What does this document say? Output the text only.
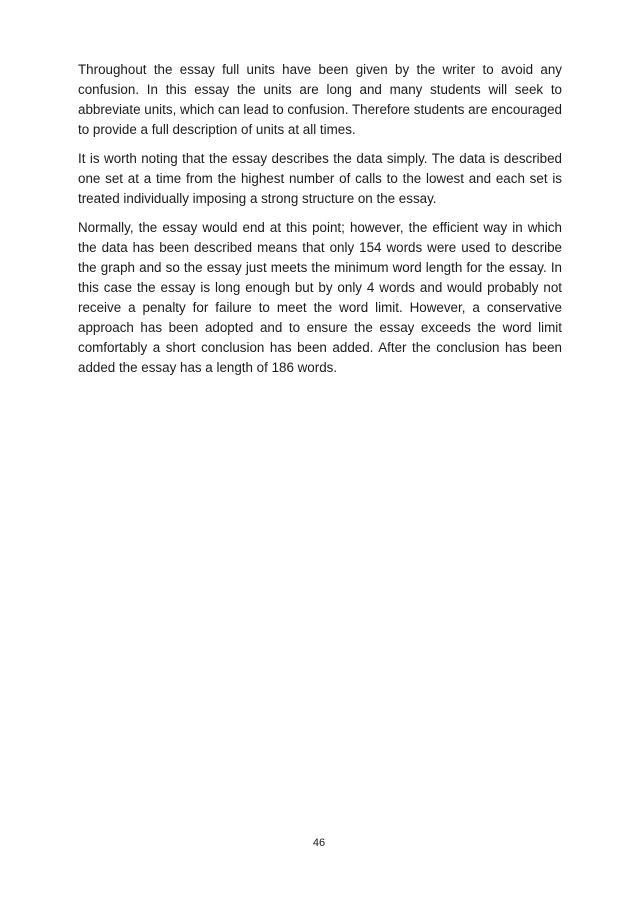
Throughout the essay full units have been given by the writer to avoid any confusion. In this essay the units are long and many students will seek to abbreviate units, which can lead to confusion. Therefore students are encouraged to provide a full description of units at all times.

It is worth noting that the essay describes the data simply. The data is described one set at a time from the highest number of calls to the lowest and each set is treated individually imposing a strong structure on the essay.

Normally, the essay would end at this point; however, the efficient way in which the data has been described means that only 154 words were used to describe the graph and so the essay just meets the minimum word length for the essay. In this case the essay is long enough but by only 4 words and would probably not receive a penalty for failure to meet the word limit. However, a conservative approach has been adopted and to ensure the essay exceeds the word limit comfortably a short conclusion has been added. After the conclusion has been added the essay has a length of 186 words.

46
